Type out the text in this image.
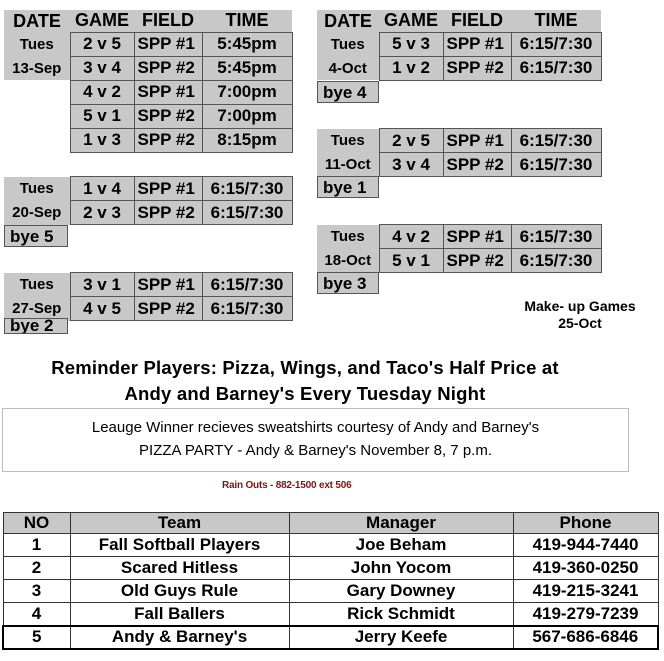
DATE	GAME	FIELD	TIME
Tues	2 v 5	SPP #1	5:45pm
13-Sep	3 v 4	SPP #2	5:45pm
	4 v 2	SPP #1	7:00pm
	5 v 1	SPP #2	7:00pm
	1 v 3	SPP #2	8:15pm
Tues	1 v 4	SPP #1	6:15/7:30
20-Sep	2 v 3	SPP #2	6:15/7:30
bye 5
Tues	3 v 1	SPP #1	6:15/7:30
27-Sep	4 v 5	SPP #2	6:15/7:30
bye 2
DATE	GAME	FIELD	TIME
Tues	5 v 3	SPP #1	6:15/7:30
4-Oct	1 v 2	SPP #2	6:15/7:30
bye 4
Tues	2 v 5	SPP #1	6:15/7:30
11-Oct	3 v 4	SPP #2	6:15/7:30
bye 1
Tues	4 v 2	SPP #1	6:15/7:30
18-Oct	5 v 1	SPP #2	6:15/7:30
bye 3
Make- up Games
25-Oct
Reminder Players: Pizza, Wings, and Taco's Half Price at
Andy and Barney's Every Tuesday Night
Leauge Winner recieves sweatshirts courtesy of Andy and Barney's
PIZZA PARTY - Andy & Barney's November 8, 7 p.m.
Rain Outs - 882-1500 ext 506
NO	Team	Manager	Phone
1	Fall Softball Players	Joe Beham	419-944-7440
2	Scared Hitless	John Yocom	419-360-0250
3	Old Guys Rule	Gary Downey	419-215-3241
4	Fall Ballers	Rick Schmidt	419-279-7239
5	Andy & Barney's	Jerry Keefe	567-686-6846
